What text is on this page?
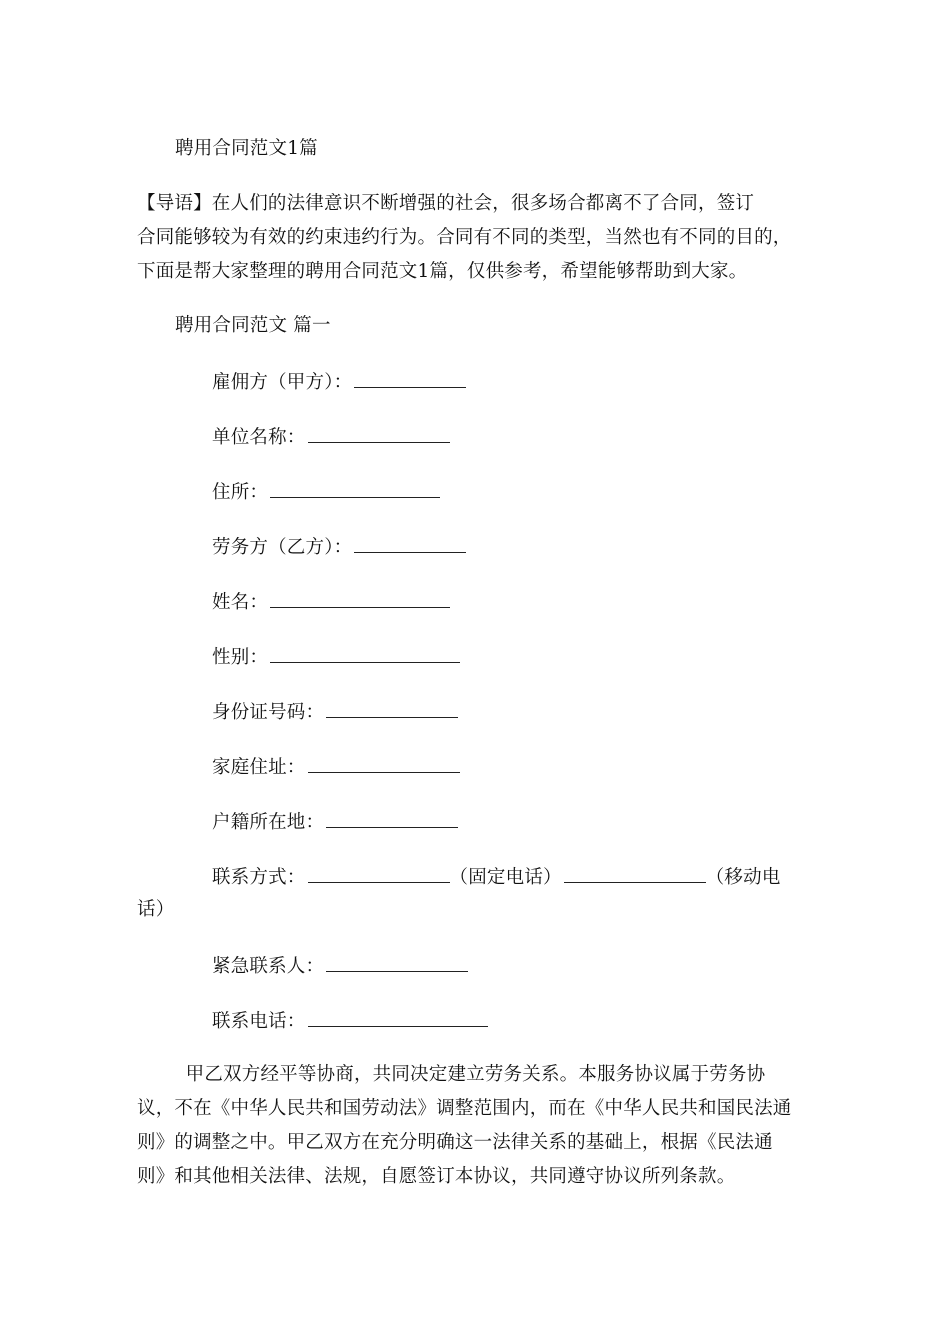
聘用合同范文1篇

【导语】在人们的法律意识不断增强的社会，很多场合都离不了合同，签订

合同能够较为有效的约束违约行为。合同有不同的类型，当然也有不同的目的，

下面是帮大家整理的聘用合同范文1篇，仅供参考，希望能够帮助到大家。

聘用合同范文 篇一

雇佣方（甲方）：

单位名称：

住所：

劳务方（乙方）：

姓名：

性别：

身份证号码：

家庭住址：

户籍所在地：

联系方式：	（固定电话）	（移动电

话）

紧急联系人：

联系电话：

甲乙双方经平等协商，共同决定建立劳务关系。本服务协议属于劳务协

议，不在《中华人民共和国劳动法》调整范围内，而在《中华人民共和国民法通

则》的调整之中。甲乙双方在充分明确这一法律关系的基础上，根据《民法通

则》和其他相关法律、法规，自愿签订本协议，共同遵守协议所列条款。
